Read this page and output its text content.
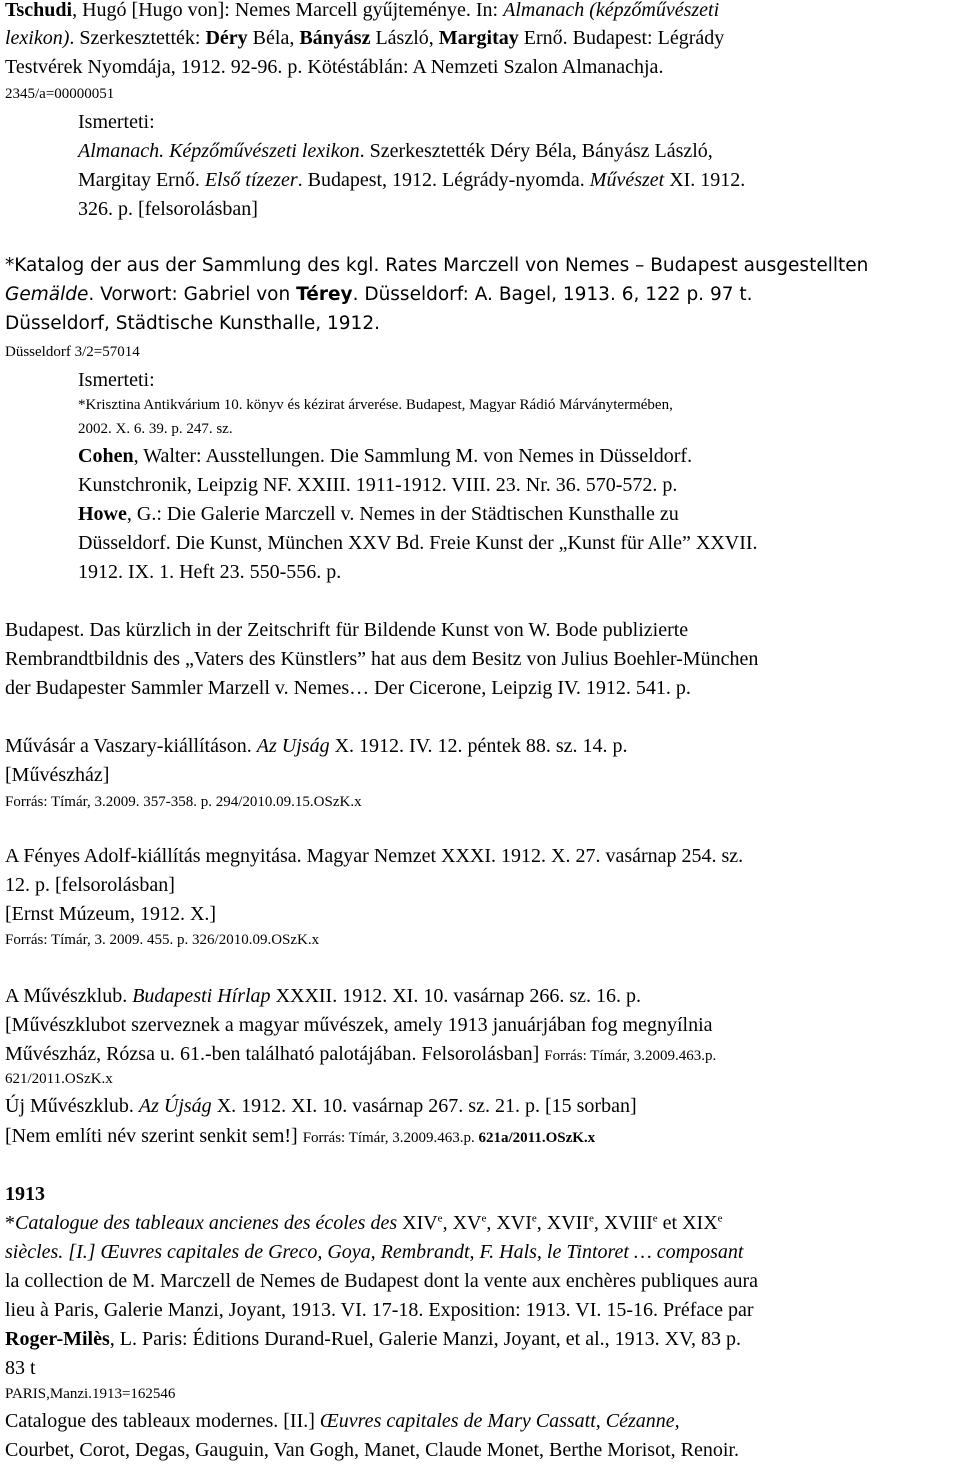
Tschudi, Hugó [Hugo von]: Nemes Marcell gyűjteménye. In: Almanach (képzőművészeti
lexikon). Szerkesztették: Déry Béla, Bányász László, Margitay Ernő. Budapest: Légrády
Testvérek Nyomdája, 1912. 92-96. p. Kötéstáblán: A Nemzeti Szalon Almanachja.
2345/a=00000051
Ismerteti:
Almanach. Képzőművészeti lexikon. Szerkesztették Déry Béla, Bányász László,
Margitay Ernő. Első tízezer. Budapest, 1912. Légrády-nyomda. Művészet XI. 1912.
326. p. [felsorolásban]
*Katalog der aus der Sammlung des kgl. Rates Marczell von Nemes – Budapest ausgestellten
Gemälde. Vorwort: Gabriel von Térey. Düsseldorf: A. Bagel, 1913. 6, 122 p. 97 t.
Düsseldorf, Städtische Kunsthalle, 1912.
Düsseldorf 3/2=57014
Ismerteti:
*Krisztina Antikvárium 10. könyv és kézirat árverése. Budapest, Magyar Rádió Márványtermében,
2002. X. 6. 39. p. 247. sz.
Cohen, Walter: Ausstellungen. Die Sammlung M. von Nemes in Düsseldorf.
Kunstchronik, Leipzig NF. XXIII. 1911-1912. VIII. 23. Nr. 36. 570-572. p.
Howe, G.: Die Galerie Marczell v. Nemes in der Städtischen Kunsthalle zu
Düsseldorf. Die Kunst, München XXV Bd. Freie Kunst der „Kunst für Alle” XXVII.
1912. IX. 1. Heft 23. 550-556. p.
Budapest. Das kürzlich in der Zeitschrift für Bildende Kunst von W. Bode publizierte
Rembrandtbildnis des „Vaters des Künstlers” hat aus dem Besitz von Julius Boehler-München
der Budapester Sammler Marzell v. Nemes… Der Cicerone, Leipzig IV. 1912. 541. p.
Művásár a Vaszary-kiállításon. Az Ujság X. 1912. IV. 12. péntek 88. sz. 14. p.
[Művészház]
Forrás: Tímár, 3.2009. 357-358. p. 294/2010.09.15.OSzK.x
A Fényes Adolf-kiállítás megnyitása. Magyar Nemzet XXXI. 1912. X. 27. vasárnap 254. sz.
12. p. [felsorolásban]
[Ernst Múzeum, 1912. X.]
Forrás: Tímár, 3. 2009. 455. p. 326/2010.09.OSzK.x
A Művészklub. Budapesti Hírlap XXXII. 1912. XI. 10. vasárnap 266. sz. 16. p.
[Művészklubot szerveznek a magyar művészek, amely 1913 januárjában fog megnyílnia
Művészház, Rózsa u. 61.-ben található palotájában. Felsorolásban] Forrás: Tímár, 3.2009.463.p.
621/2011.OSzK.x
Új Művészklub. Az Újság X. 1912. XI. 10. vasárnap 267. sz. 21. p. [15 sorban]
[Nem említi név szerint senkit sem!] Forrás: Tímár, 3.2009.463.p. 621a/2011.OSzK.x
1913
*Catalogue des tableaux ancienes des écoles des XIVe, XVe, XVIe, XVIIe, XVIIIe et XIXe
siècles. [I.] Œuvres capitales de Greco, Goya, Rembrandt, F. Hals, le Tintoret … composant
la collection de M. Marczell de Nemes de Budapest dont la vente aux enchères publiques aura
lieu à Paris, Galerie Manzi, Joyant, 1913. VI. 17-18. Exposition: 1913. VI. 15-16. Préface par
Roger-Milès, L. Paris: Éditions Durand-Ruel, Galerie Manzi, Joyant, et al., 1913. XV, 83 p.
83 t
PARIS,Manzi.1913=162546
Catalogue des tableaux modernes. [II.] Œuvres capitales de Mary Cassatt, Cézanne,
Courbet, Corot, Degas, Gauguin, Van Gogh, Manet, Claude Monet, Berthe Morisot, Renoir.
